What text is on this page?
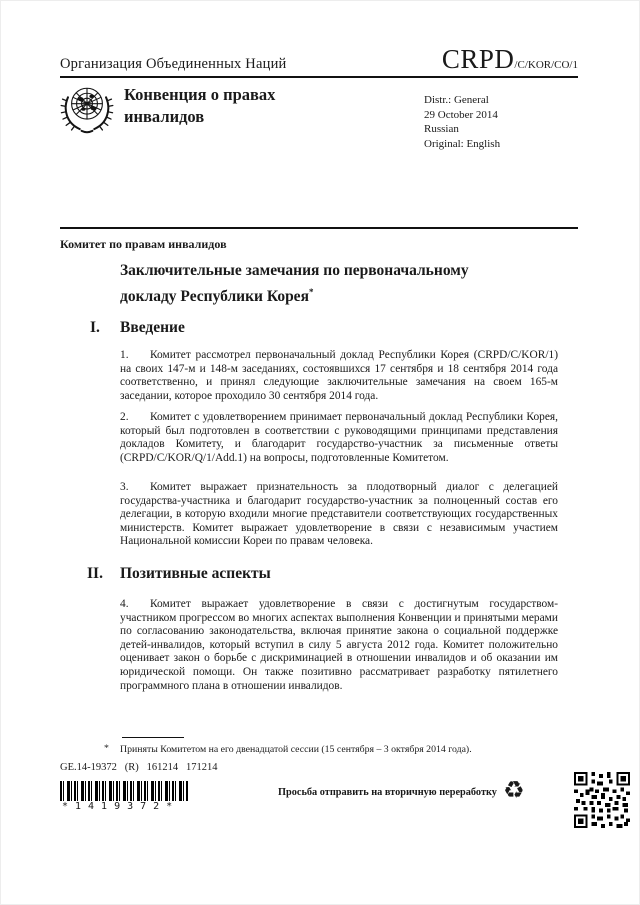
Организация Объединенных Наций	CRPD/C/KOR/CO/1
Конвенция о правах
инвалидов
Distr.: General
29 October 2014
Russian
Original: English
Комитет по правам инвалидов
Заключительные замечания по первоначальному докладу Республики Корея*
I.	Введение

1. Комитет рассмотрел первоначальный доклад Республики Корея (CRPD/C/KOR/1) на своих 147-м и 148-м заседаниях, состоявшихся 17 сентября и 18 сентября 2014 года соответственно, и принял следующие заключительные замечания на своем 165-м заседании, которое проходило 30 сентября 2014 года.

2. Комитет с удовлетворением принимает первоначальный доклад Республики Корея, который был подготовлен в соответствии с руководящими принципами представления докладов Комитету, и благодарит государство-участник за письменные ответы (CRPD/C/KOR/Q/1/Add.1) на вопросы, подготовленные Комитетом.

3. Комитет выражает признательность за плодотворный диалог с делегацией государства-участника и благодарит государство-участник за полноценный состав его делегации, в которую входили многие представители соответствующих государственных министерств. Комитет выражает удовлетворение в связи с независимым участием Национальной комиссии Кореи по правам человека.

II.	Позитивные аспекты

4. Комитет выражает удовлетворение в связи с достигнутым государством-участником прогрессом во многих аспектах выполнения Конвенции и принятыми мерами по согласованию законодательства, включая принятие закона о социальной поддержке детей-инвалидов, который вступил в силу 5 августа 2012 года. Комитет положительно оценивает закон о борьбе с дискриминацией в отношении инвалидов и об оказании им юридической помощи. Он также позитивно рассматривает разработку пятилетнего программного плана в отношении инвалидов.

* Приняты Комитетом на его двенадцатой сессии (15 сентября – 3 октября 2014 года).
GE.14-19372   (R)   161214   171214
*1419372*
Просьба отправить на вторичную переработку ♻
